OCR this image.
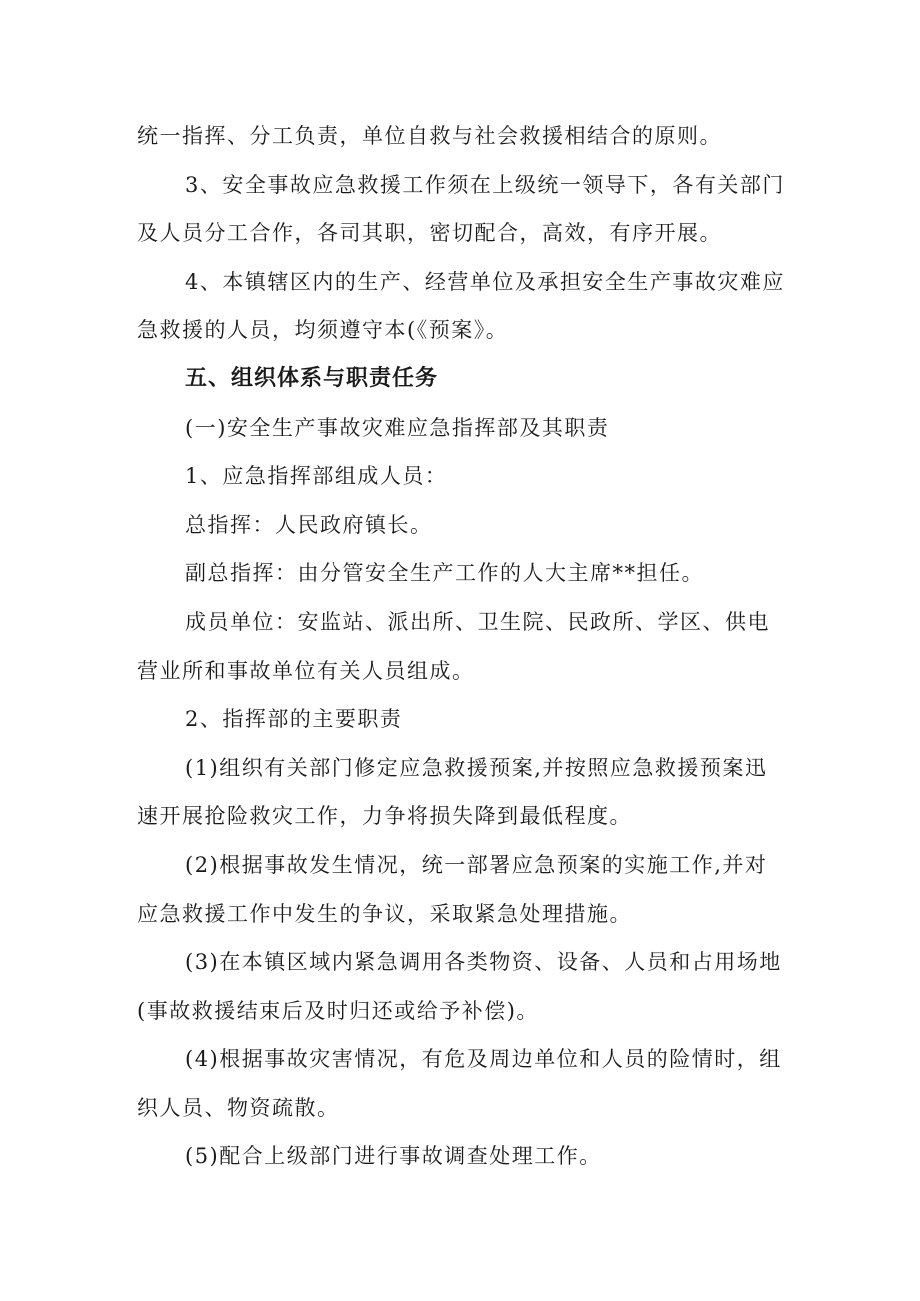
统一指挥、分工负责，单位自救与社会救援相结合的原则。
3、安全事故应急救援工作须在上级统一领导下，各有关部门
及人员分工合作，各司其职，密切配合，高效，有序开展。
4、本镇辖区内的生产、经营单位及承担安全生产事故灾难应
急救援的人员，均须遵守本(《预案》。
五、组织体系与职责任务
(一)安全生产事故灾难应急指挥部及其职责
1、应急指挥部组成人员：
总指挥：人民政府镇长。
副总指挥：由分管安全生产工作的人大主席**担任。
成员单位：安监站、派出所、卫生院、民政所、学区、供电
营业所和事故单位有关人员组成。
2、指挥部的主要职责
(1)组织有关部门修定应急救援预案,并按照应急救援预案迅
速开展抢险救灾工作，力争将损失降到最低程度。
(2)根据事故发生情况，统一部署应急预案的实施工作,并对
应急救援工作中发生的争议，采取紧急处理措施。
(3)在本镇区域内紧急调用各类物资、设备、人员和占用场地
(事故救援结束后及时归还或给予补偿)。
(4)根据事故灾害情况，有危及周边单位和人员的险情时，组
织人员、物资疏散。
(5)配合上级部门进行事故调查处理工作。
